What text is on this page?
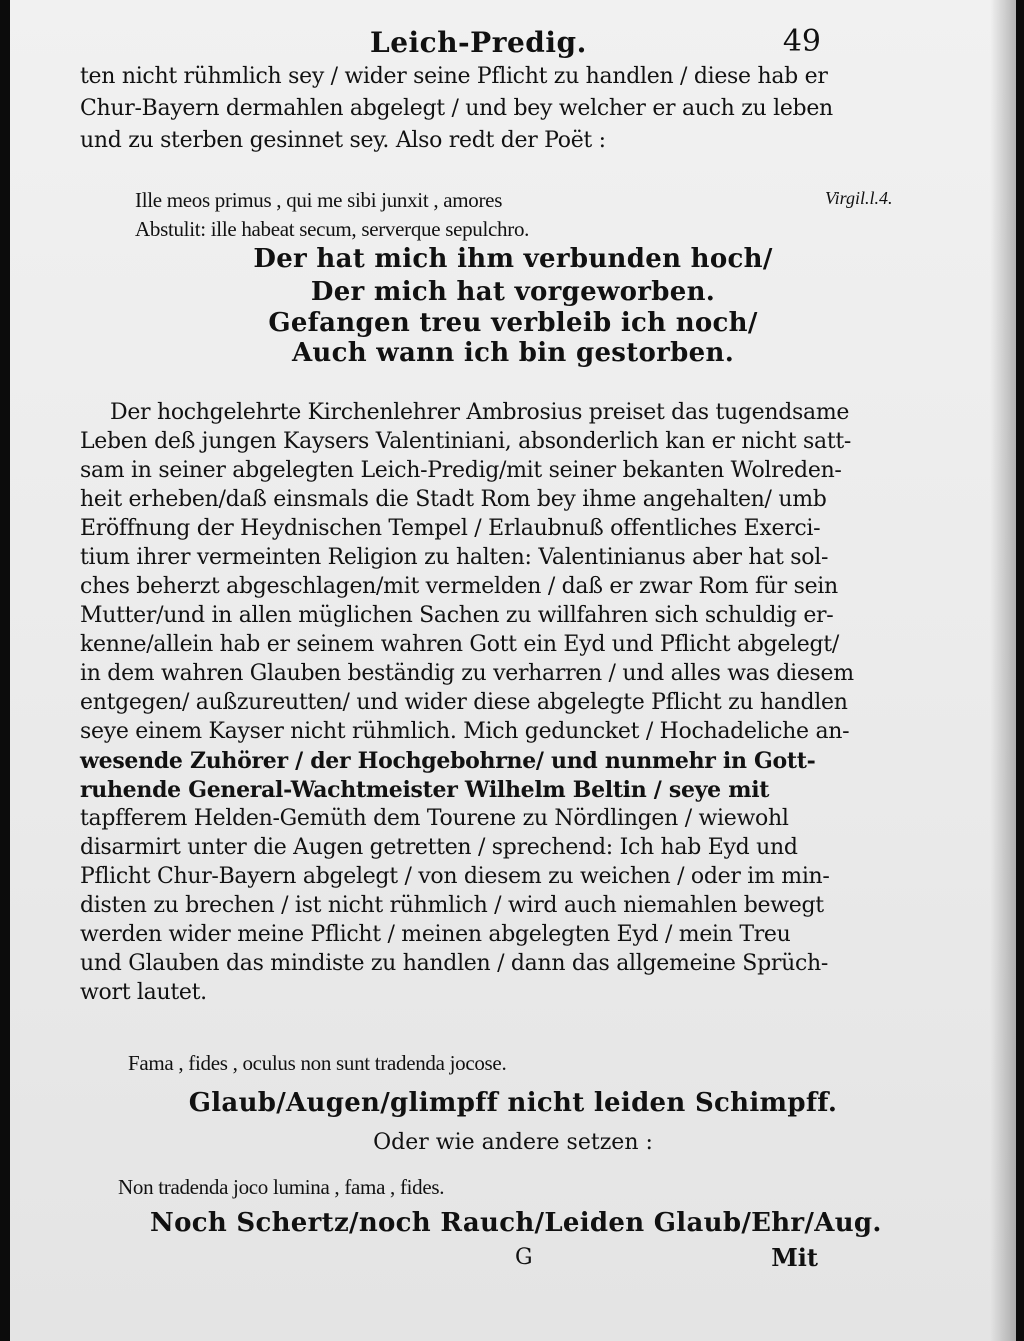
Leich-Predig.	49
ten nicht rühmlich sey / wider seine Pflicht zu handlen / diese hab er
Chur-Bayern dermahlen abgelegt / und bey welcher er auch zu leben
und zu sterben gesinnet sey. Also redt der Poët :
Ille meos primus , qui me sibi junxit , amores
Abstulit: ille habeat secum, serverque sepulchro.
Virgil.l.4.
Der hat mich ihm verbunden hoch/
Der mich hat vorgeworben.
Gefangen treu verbleib ich noch/
Auch wann ich bin gestorben.
Der hochgelehrte Kirchenlehrer Ambrosius preiset das tugendsame
Leben deß jungen Kaysers Valentiniani, absonderlich kan er nicht satt-
sam in seiner abgelegten Leich-Predig/mit seiner bekanten Wolreden-
heit erheben/daß einsmals die Stadt Rom bey ihme angehalten/ umb
Eröffnung der Heydnischen Tempel / Erlaubnuß offentliches Exerci-
tium ihrer vermeinten Religion zu halten: Valentinianus aber hat sol-
ches beherzt abgeschlagen/mit vermelden / daß er zwar Rom für sein
Mutter/und in allen müglichen Sachen zu willfahren sich schuldig er-
kenne/allein hab er seinem wahren Gott ein Eyd und Pflicht abgelegt/
in dem wahren Glauben beständig zu verharren / und alles was diesem
entgegen/ außzureutten/ und wider diese abgelegte Pflicht zu handlen
seye einem Kayser nicht rühmlich. Mich geduncket / Hochadeliche an-
wesende Zuhörer / der Hochgebohrne/ und nunmehr in Gott-
ruhende General-Wachtmeister Wilhelm Beltin / seye mit
tapfferem Helden-Gemüth dem Tourene zu Nördlingen / wiewohl
disarmirt unter die Augen getretten / sprechend: Ich hab Eyd und
Pflicht Chur-Bayern abgelegt / von diesem zu weichen / oder im min-
disten zu brechen / ist nicht rühmlich / wird auch niemahlen bewegt
werden wider meine Pflicht / meinen abgelegten Eyd / mein Treu
und Glauben das mindiste zu handlen / dann das allgemeine Sprüch-
wort lautet.
Fama , fides , oculus non sunt tradenda jocose.
Glaub/Augen/glimpff nicht leiden Schimpff.
Oder wie andere setzen :
Non tradenda joco lumina , fama , fides.
Noch Schertz/noch Rauch/Leiden Glaub/Ehr/Aug.
G	Mit
